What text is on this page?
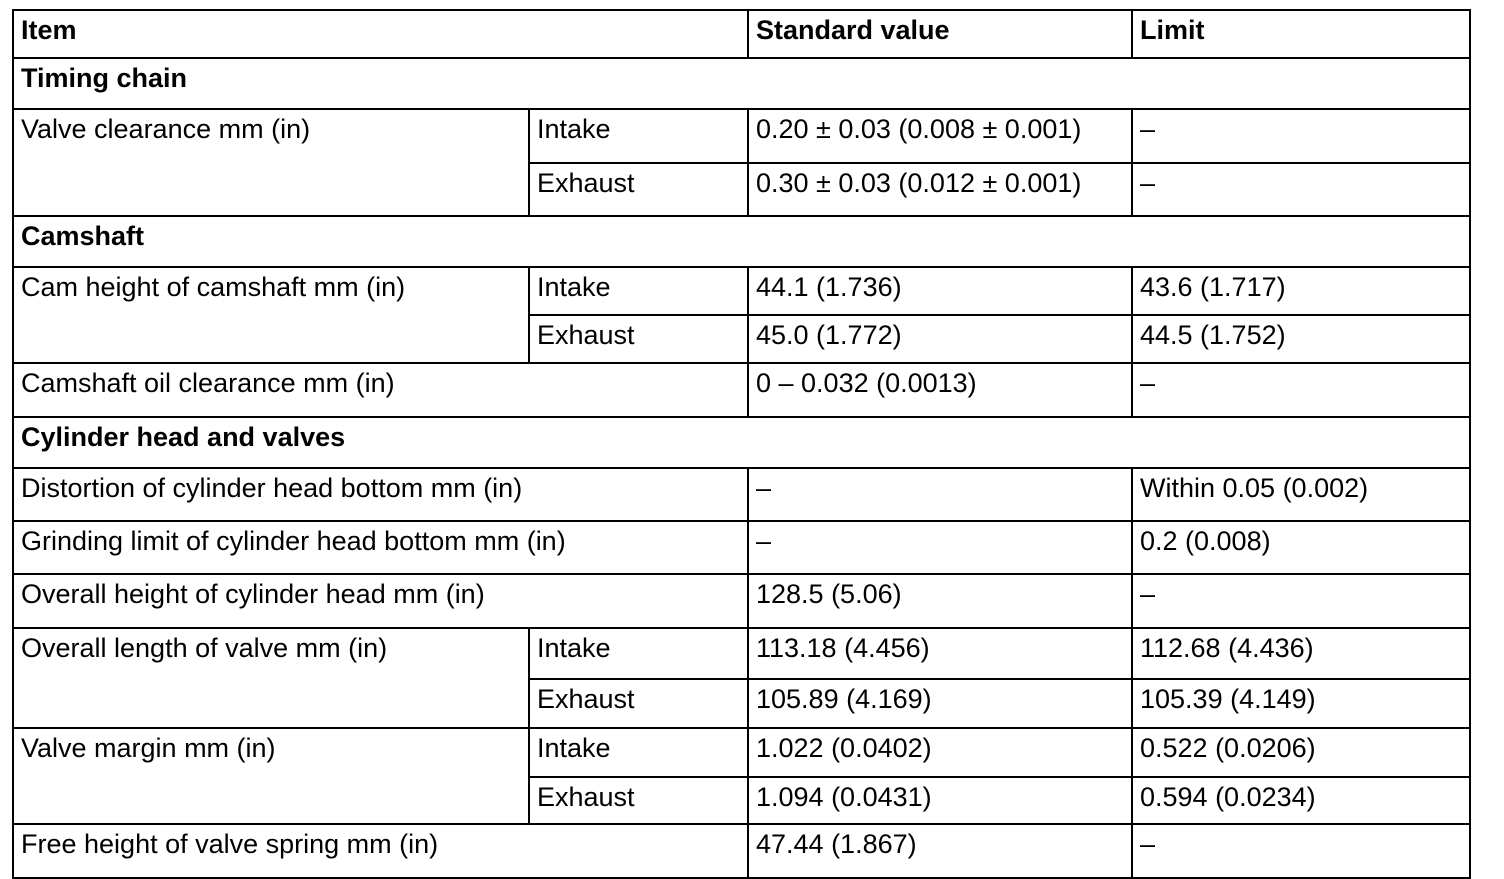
Item		Standard value	Limit
Timing chain			
Valve clearance mm (in)	Intake	0.20 ± 0.03 (0.008 ± 0.001)	–
	Exhaust	0.30 ± 0.03 (0.012 ± 0.001)	–
Camshaft			
Cam height of camshaft mm (in)	Intake	44.1 (1.736)	43.6 (1.717)
	Exhaust	45.0 (1.772)	44.5 (1.752)
Camshaft oil clearance mm (in)		0 – 0.032 (0.0013)	–
Cylinder head and valves			
Distortion of cylinder head bottom mm (in)		–	Within 0.05 (0.002)
Grinding limit of cylinder head bottom mm (in)		–	0.2 (0.008)
Overall height of cylinder head mm (in)		128.5 (5.06)	–
Overall length of valve mm (in)	Intake	113.18 (4.456)	112.68 (4.436)
	Exhaust	105.89 (4.169)	105.39 (4.149)
Valve margin mm (in)	Intake	1.022 (0.0402)	0.522 (0.0206)
	Exhaust	1.094 (0.0431)	0.594 (0.0234)
Free height of valve spring mm (in)		47.44 (1.867)	–
